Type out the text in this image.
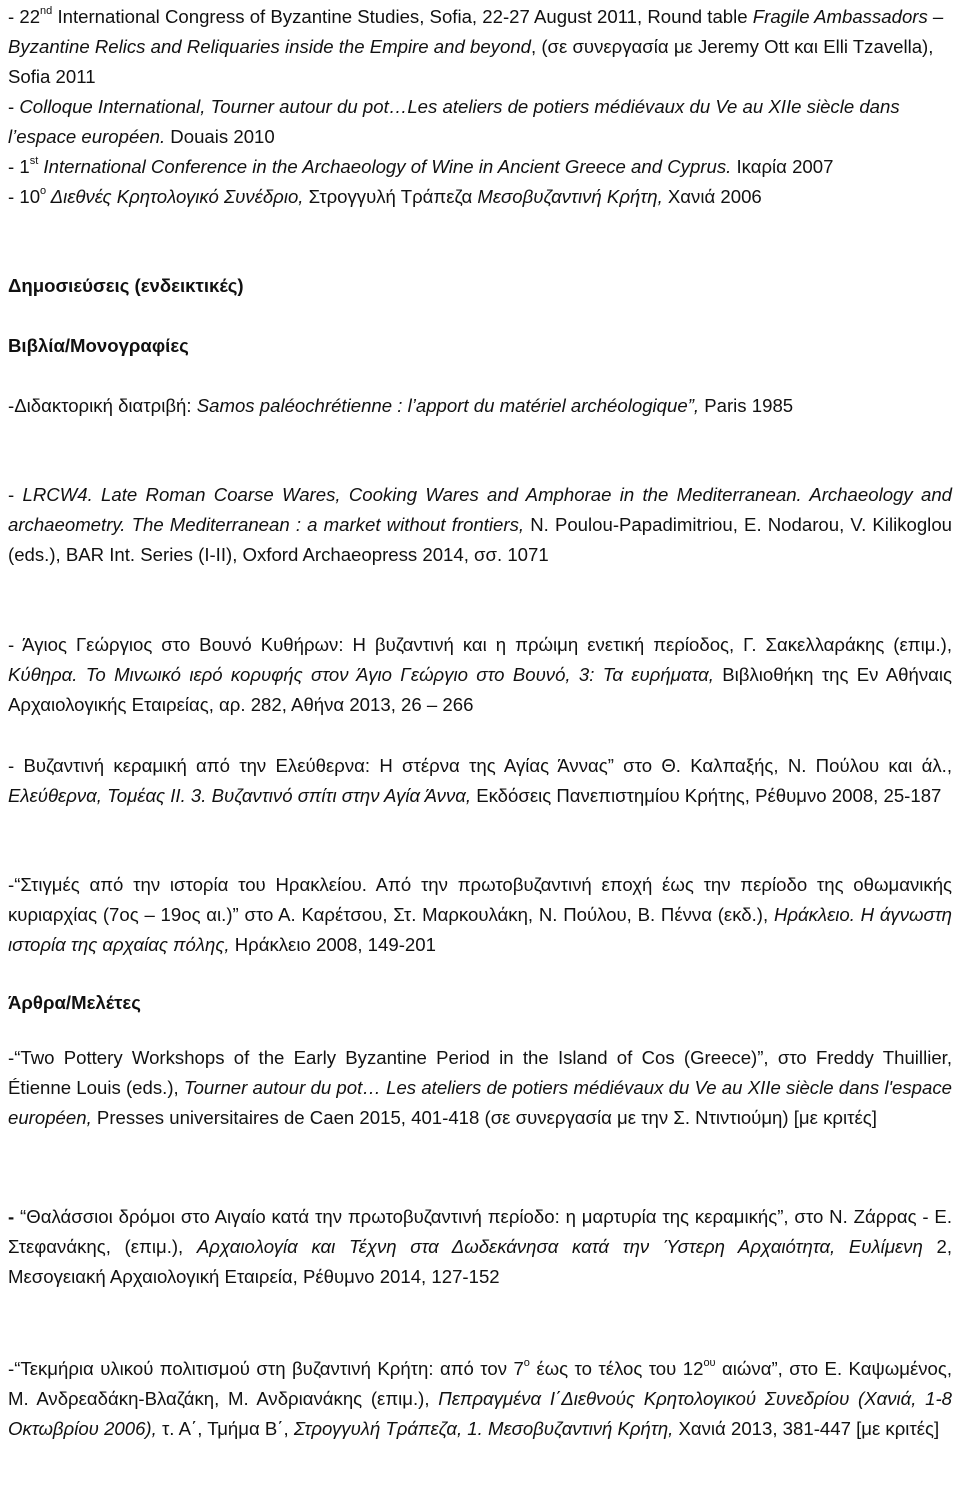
- 22nd International Congress of Byzantine Studies, Sofia, 22-27 August 2011, Round table Fragile Ambassadors – Byzantine Relics and Reliquaries inside the Empire and beyond, (σε συνεργασία με Jeremy Ott και Elli Tzavella), Sofia 2011
- Colloque International, Tourner autour du pot…Les ateliers de potiers médiévaux du Ve au XIIe siècle dans l’espace européen. Douais 2010
- 1st International Conference in the Archaeology of Wine in Ancient Greece and Cyprus. Ικαρία 2007
- $10^o$ Διεθνές Κρητολογικό Συνέδριο, Στρογγυλή Τράπεζα Μεσοβυζαντινή Κρήτη, Χανιά 2006
Δημοσιεύσεις (ενδεικτικές)
Βιβλία/Μονογραφίες
-Διδακτορική διατριβή: Samos paléochrétienne : l’apport du matériel archéologique”, Paris 1985
- LRCW4. Late Roman Coarse Wares, Cooking Wares and Amphorae in the Mediterranean. Archaeology and archaeometry. The Mediterranean : a market without frontiers, N. Poulou-Papadimitriou, E. Nodarou, V. Kilikoglou (eds.), BAR Int. Series (I-II), Oxford Archaeopress 2014, σσ. 1071
- Άγιος Γεώργιος στο Βουνό Κυθήρων: Η βυζαντινή και η πρώιμη ενετική περίοδος, Γ. Σακελλαράκης (επιμ.), Κύθηρα. Το Μινωικό ιερό κορυφής στον Άγιο Γεώργιο στο Βουνό, 3: Τα ευρήματα, Βιβλιοθήκη της Εν Αθήναις Αρχαιολογικής Εταιρείας, αρ. 282, Αθήνα 2013, 26 – 266
- Βυζαντινή κεραμική από την Ελεύθερνα: Η στέρνα της Αγίας Άννας” στο Θ. Καλπαξής, Ν. Πούλου και άλ., Ελεύθερνα, Τομέας ΙΙ. 3. Βυζαντινό σπίτι στην Αγία Άννα, Εκδόσεις Πανεπιστημίου Κρήτης, Ρέθυμνο 2008, 25-187
-“Στιγμές από την ιστορία του Ηρακλείου. Από την πρωτοβυζαντινή εποχή έως την περίοδο της οθωμανικής κυριαρχίας (7ος – 19ος αι.)” στο Α. Καρέτσου, Στ. Μαρκουλάκη, Ν. Πούλου, Β. Πέννα (εκδ.), Ηράκλειο. Η άγνωστη ιστορία της αρχαίας πόλης, Ηράκλειο 2008, 149-201
Άρθρα/Μελέτες
-“Two Pottery Workshops of the Early Byzantine Period in the Island of Cos (Greece)”, στο Freddy Thuillier, Étienne Louis (eds.), Tourner autour du pot… Les ateliers de potiers médiévaux du Ve au XIIe siècle dans l'espace européen, Presses universitaires de Caen 2015, 401-418 (σε συνεργασία με την Σ. Ντιντιούμη) [με κριτές]
- “Θαλάσσιοι δρόμοι στο Αιγαίο κατά την πρωτοβυζαντινή περίοδο: η μαρτυρία της κεραμικής”, στο Ν. Ζάρρας - Ε. Στεφανάκης, (επιμ.), Αρχαιολογία και Τέχνη στα Δωδεκάνησα κατά την Ύστερη Αρχαιότητα, Ευλίμενη 2, Μεσογειακή Αρχαιολογική Εταιρεία, Ρέθυμνο 2014, 127-152
-“Τεκμήρια υλικού πολιτισμού στη βυζαντινή Κρήτη: από τον $7^o$ έως το τέλος του $12^{o\upsilon}$ αιώνα”, στο Ε. Καψωμένος, Μ. Ανδρεαδάκη-Βλαζάκη, Μ. Ανδριανάκης (επιμ.), Πεπραγμένα Ι΄Διεθνούς Κρητολογικού Συνεδρίου (Χανιά, 1-8 Οκτωβρίου 2006), τ. Α΄, Τμήμα Β΄, Στρογγυλή Τράπεζα, 1. Μεσοβυζαντινή Κρήτη, Χανιά 2013, 381-447 [με κριτές]
